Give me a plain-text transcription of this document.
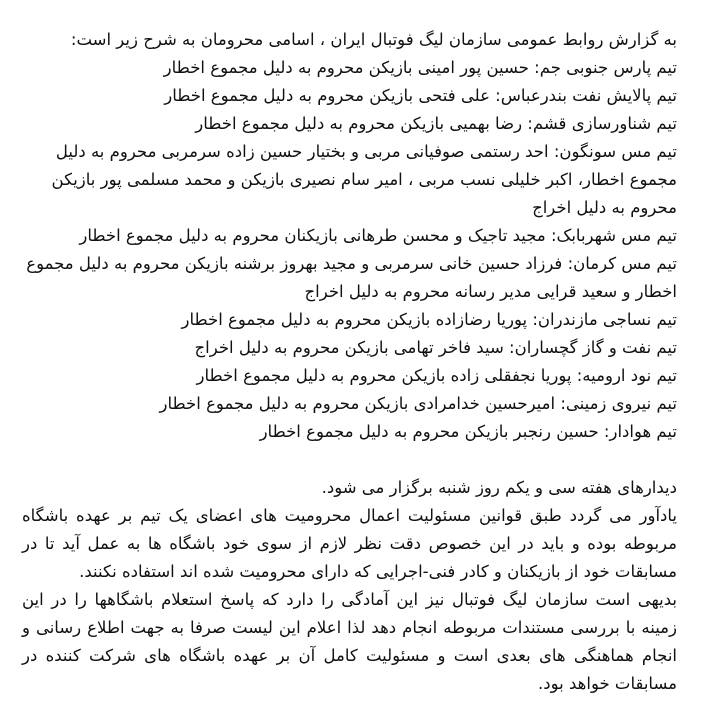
به گزارش روابط عمومی سازمان لیگ فوتبال ایران ، اسامی محرومان به شرح زیر است:

تیم پارس جنوبی جم: حسین پور امینی بازیکن محروم به دلیل مجموع اخطار
تیم پالایش نفت بندرعباس: علی فتحی بازیکن محروم به دلیل مجموع اخطار
تیم شناورسازی قشم: رضا بهمیی بازیکن محروم به دلیل مجموع اخطار
تیم مس سونگون: احد رستمی صوفیانی مربی و بختیار حسین زاده سرمربی محروم به دلیل مجموع اخطار، اکبر خلیلی نسب مربی ، امیر سام نصیری بازیکن و محمد مسلمی پور بازیکن محروم به دلیل اخراج
تیم مس شهربابک: مجید تاجیک و محسن طرهانی بازیکنان محروم به دلیل مجموع اخطار
تیم مس کرمان: فرزاد حسین خانی سرمربی و مجید بهروز برشنه بازیکن محروم به دلیل مجموع اخطار و سعید قرایی مدیر رسانه محروم به دلیل اخراج
تیم نساجی مازندران: پوریا رضازاده بازیکن محروم به دلیل مجموع اخطار
تیم نفت و گاز گچساران: سید فاخر تهامی بازیکن محروم به دلیل اخراج
تیم نود ارومیه: پوریا نجفقلی زاده بازیکن محروم به دلیل مجموع اخطار
تیم نیروی زمینی: امیرحسین خدامرادی بازیکن محروم به دلیل مجموع اخطار
تیم هوادار: حسین رنجبر بازیکن محروم به دلیل مجموع اخطار

دیدارهای هفته سی و یکم روز شنبه برگزار می شود.

یادآور می گردد طبق قوانین مسئولیت اعمال محرومیت های اعضای یک تیم بر عهده باشگاه مربوطه بوده و باید در این خصوص دقت نظر لازم از سوی خود باشگاه ها به عمل آید تا در مسابقات خود از بازیکنان و کادر فنی-اجرایی که دارای محرومیت شده اند استفاده نکنند.

بدیهی است سازمان لیگ فوتبال نیز این آمادگی را دارد که پاسخ استعلام باشگاهها را در این زمینه با بررسی مستندات مربوطه انجام دهد لذا اعلام این لیست صرفا به جهت اطلاع رسانی و انجام هماهنگی های بعدی است و مسئولیت کامل آن بر عهده باشگاه های شرکت کننده در مسابقات خواهد بود.
